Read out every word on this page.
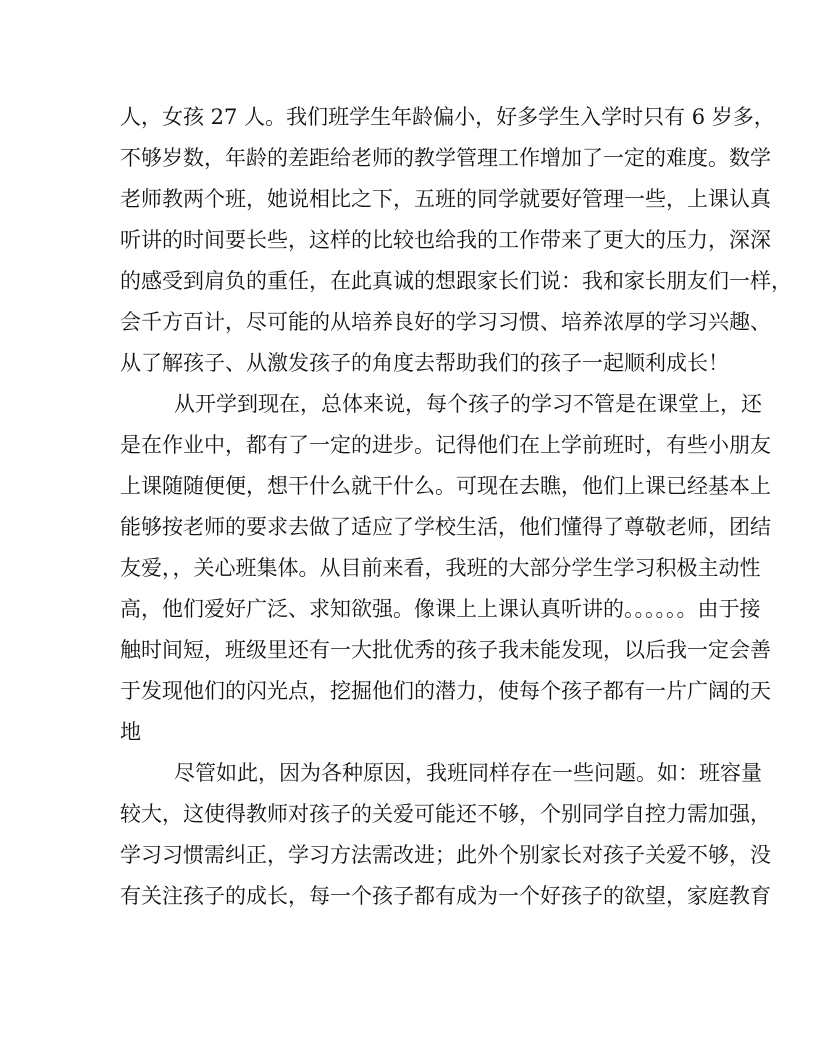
人，女孩 27 人。我们班学生年龄偏小，好多学生入学时只有 6 岁多，
不够岁数，年龄的差距给老师的教学管理工作增加了一定的难度。数学
老师教两个班，她说相比之下，五班的同学就要好管理一些，上课认真
听讲的时间要长些，这样的比较也给我的工作带来了更大的压力，深深
的感受到肩负的重任，在此真诚的想跟家长们说：我和家长朋友们一样，
会千方百计，尽可能的从培养良好的学习习惯、培养浓厚的学习兴趣、
从了解孩子、从激发孩子的角度去帮助我们的孩子一起顺利成长！
从开学到现在，总体来说，每个孩子的学习不管是在课堂上，还
是在作业中，都有了一定的进步。记得他们在上学前班时，有些小朋友
上课随随便便，想干什么就干什么。可现在去瞧，他们上课已经基本上
能够按老师的要求去做了适应了学校生活，他们懂得了尊敬老师，团结
友爱，，关心班集体。从目前来看，我班的大部分学生学习积极主动性
高，他们爱好广泛、求知欲强。像课上上课认真听讲的。。。。。。由于接
触时间短，班级里还有一大批优秀的孩子我未能发现，以后我一定会善
于发现他们的闪光点，挖掘他们的潜力，使每个孩子都有一片广阔的天
地
尽管如此，因为各种原因，我班同样存在一些问题。如：班容量
较大，这使得教师对孩子的关爱可能还不够，个别同学自控力需加强，
学习习惯需纠正，学习方法需改进；此外个别家长对孩子关爱不够，没
有关注孩子的成长，每一个孩子都有成为一个好孩子的欲望，家庭教育
